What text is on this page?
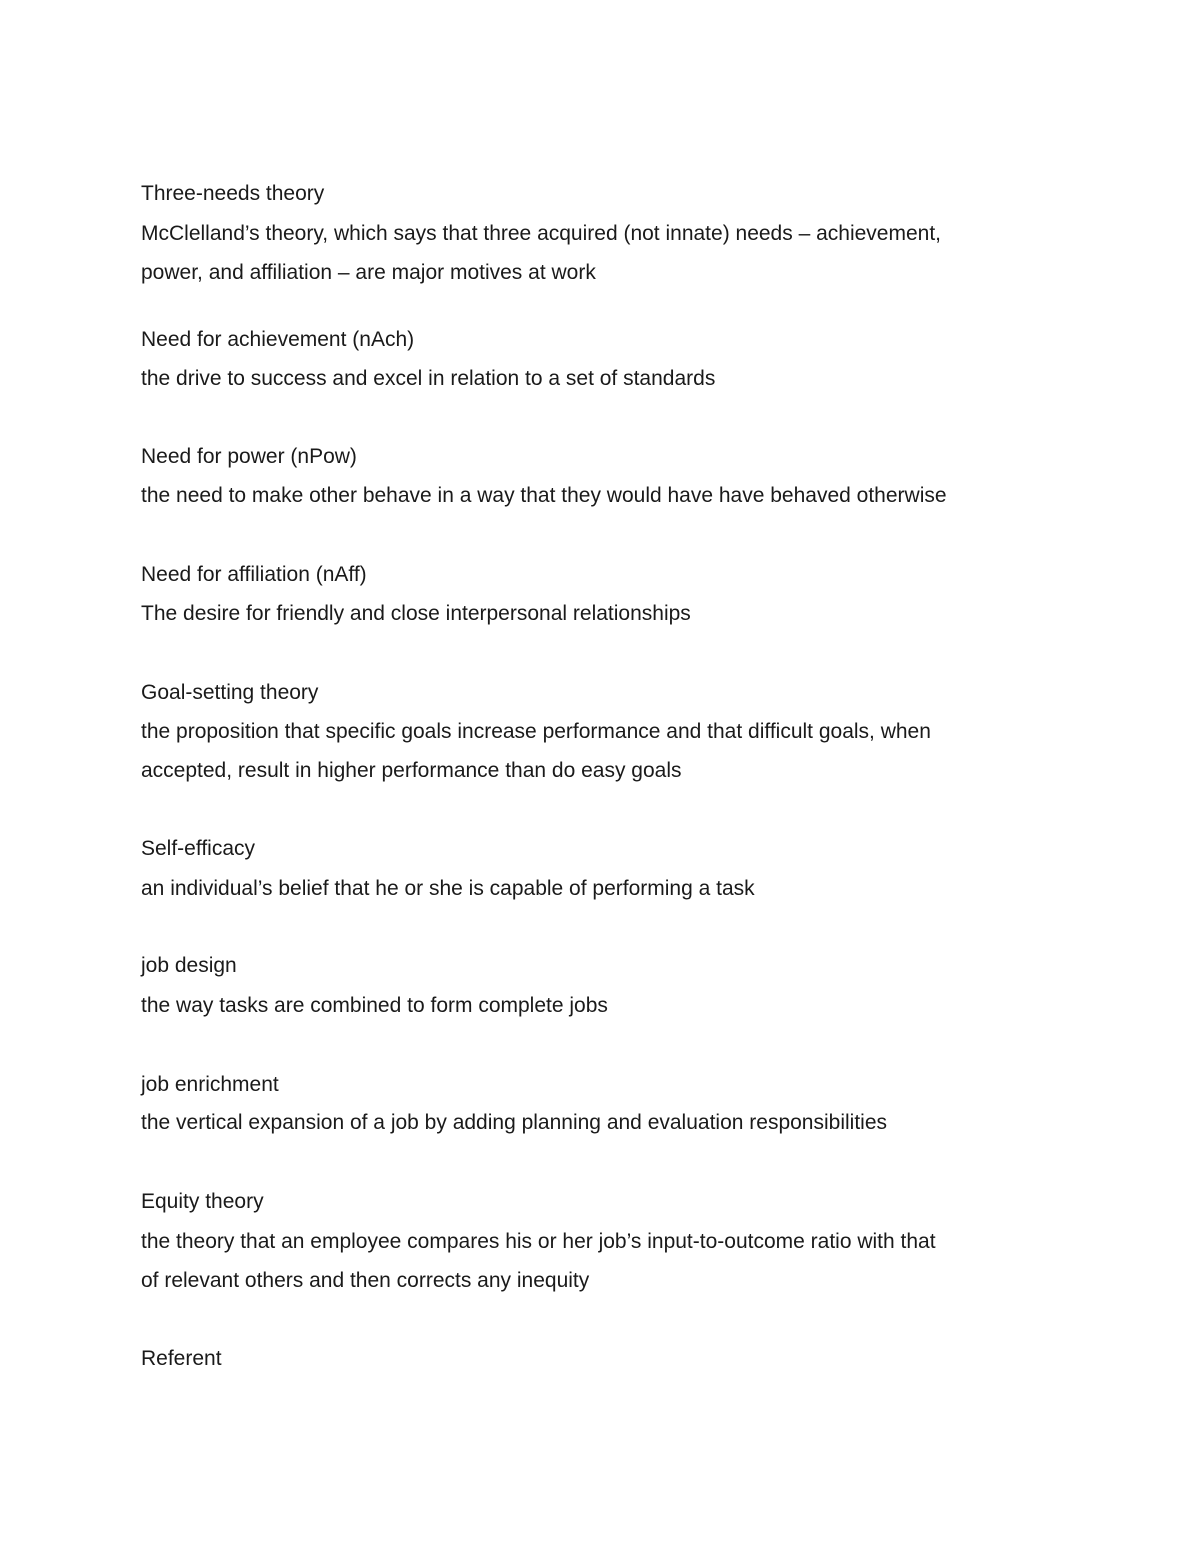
Three-needs theory
McClelland’s theory, which says that three acquired (not innate) needs – achievement,
power, and affiliation – are major motives at work
Need for achievement (nAch)
the drive to success and excel in relation to a set of standards
Need for power (nPow)
the need to make other behave in a way that they would have have behaved otherwise
Need for affiliation (nAff)
The desire for friendly and close interpersonal relationships
Goal-setting theory
the proposition that specific goals increase performance and that difficult goals, when
accepted, result in higher performance than do easy goals
Self-efficacy
an individual’s belief that he or she is capable of performing a task
job design
the way tasks are combined to form complete jobs
job enrichment
the vertical expansion of a job by adding planning and evaluation responsibilities
Equity theory
the theory that an employee compares his or her job’s input-to-outcome ratio with that
of relevant others and then corrects any inequity
Referent
